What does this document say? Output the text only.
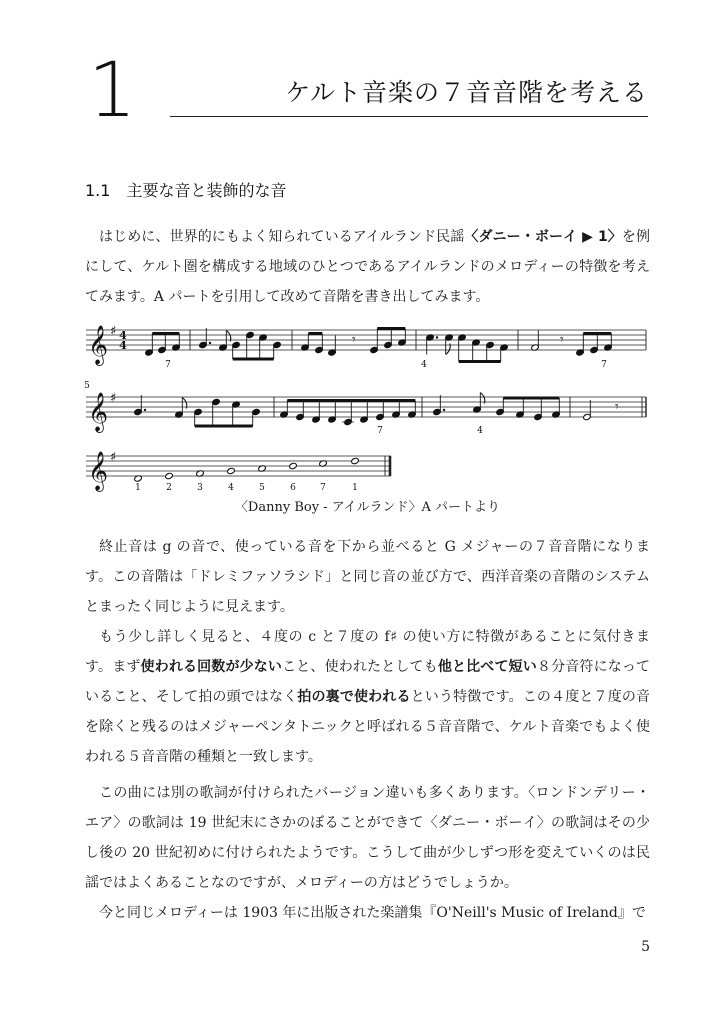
1	ケルト音楽の７音音階を考える
1.1 主要な音と装飾的な音

はじめに、世界的にもよく知られているアイルランド民謡〈ダニー・ボーイ ▶ 1〉を例にして、ケルト圏を構成する地域のひとつであるアイルランドのメロディーの特徴を考えてみます。A パートを引用して改めて音階を書き出してみます。

𝄞 ♯ 4
4	𝄾	𝄾
7	4	7
5
𝄞 ♯
𝄾
7	4
𝄞 ♯
1	2	3	4	5	6	7	1
〈Danny Boy - アイルランド〉A パートより

終止音は g の音で、使っている音を下から並べると G メジャーの７音音階になります。この音階は「ドレミファソラシド」と同じ音の並び方で、西洋音楽の音階のシステムとまったく同じように見えます。

もう少し詳しく見ると、４度の c と７度の f♯ の使い方に特徴があることに気付きます。まず使われる回数が少ないこと、使われたとしても他と比べて短い８分音符になっていること、そして拍の頭ではなく拍の裏で使われるという特徴です。この４度と７度の音を除くと残るのはメジャーペンタトニックと呼ばれる５音音階で、ケルト音楽でもよく使われる５音音階の種類と一致します。

この曲には別の歌詞が付けられたバージョン違いも多くあります。〈ロンドンデリー・エア〉の歌詞は 19 世紀末にさかのぼることができて〈ダニー・ボーイ〉の歌詞はその少し後の 20 世紀初めに付けられたようです。こうして曲が少しずつ形を変えていくのは民謡ではよくあることなのですが、メロディーの方はどうでしょうか。

今と同じメロディーは 1903 年に出版された楽譜集『O'Neill's Music of Ireland』で

5
